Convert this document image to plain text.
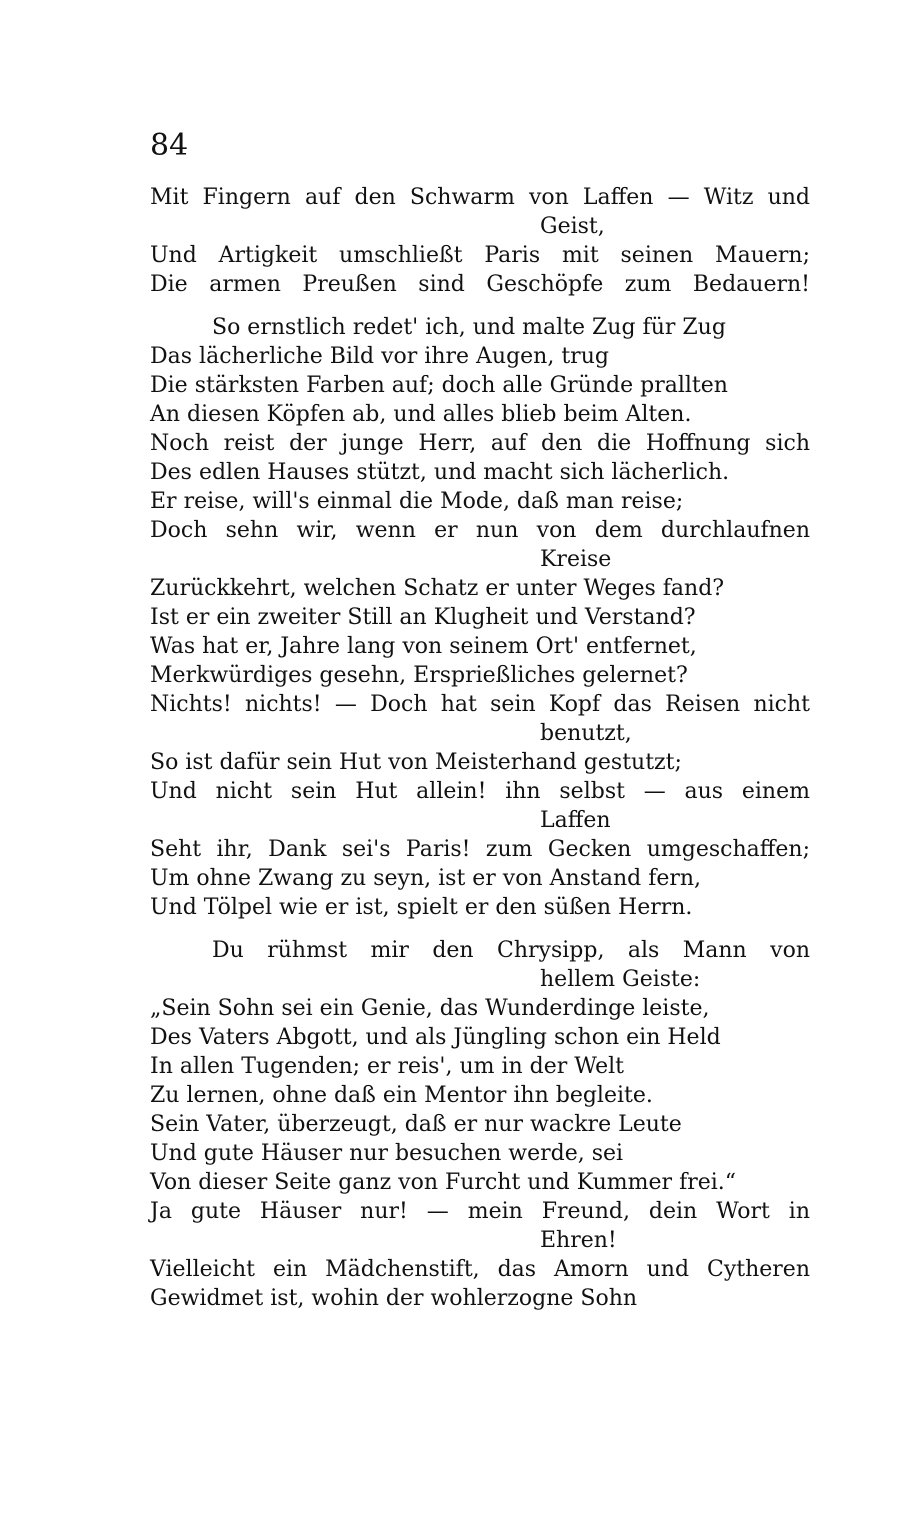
84
Mit Fingern auf den Schwarm von Laffen — Witz und
Geist,
Und Artigkeit umschließt Paris mit seinen Mauern;
Die armen Preußen sind Geschöpfe zum Bedauern!
So ernstlich redet' ich, und malte Zug für Zug
Das lächerliche Bild vor ihre Augen, trug
Die stärksten Farben auf; doch alle Gründe prallten
An diesen Köpfen ab, und alles blieb beim Alten.
Noch reist der junge Herr, auf den die Hoffnung sich
Des edlen Hauses stützt, und macht sich lächerlich.
Er reise, will's einmal die Mode, daß man reise;
Doch sehn wir, wenn er nun von dem durchlaufnen
Kreise
Zurückkehrt, welchen Schatz er unter Weges fand?
Ist er ein zweiter Still an Klugheit und Verstand?
Was hat er, Jahre lang von seinem Ort' entfernet,
Merkwürdiges gesehn, Ersprießliches gelernet?
Nichts! nichts! — Doch hat sein Kopf das Reisen nicht
benutzt,
So ist dafür sein Hut von Meisterhand gestutzt;
Und nicht sein Hut allein! ihn selbst — aus einem
Laffen
Seht ihr, Dank sei's Paris! zum Gecken umgeschaffen;
Um ohne Zwang zu seyn, ist er von Anstand fern,
Und Tölpel wie er ist, spielt er den süßen Herrn.
Du rühmst mir den Chrysipp, als Mann von
hellem Geiste:
„Sein Sohn sei ein Genie, das Wunderdinge leiste,
Des Vaters Abgott, und als Jüngling schon ein Held
In allen Tugenden; er reis', um in der Welt
Zu lernen, ohne daß ein Mentor ihn begleite.
Sein Vater, überzeugt, daß er nur wackre Leute
Und gute Häuser nur besuchen werde, sei
Von dieser Seite ganz von Furcht und Kummer frei.“
Ja gute Häuser nur! — mein Freund, dein Wort in
Ehren!
Vielleicht ein Mädchenstift, das Amorn und Cytheren
Gewidmet ist, wohin der wohlerzogne Sohn
